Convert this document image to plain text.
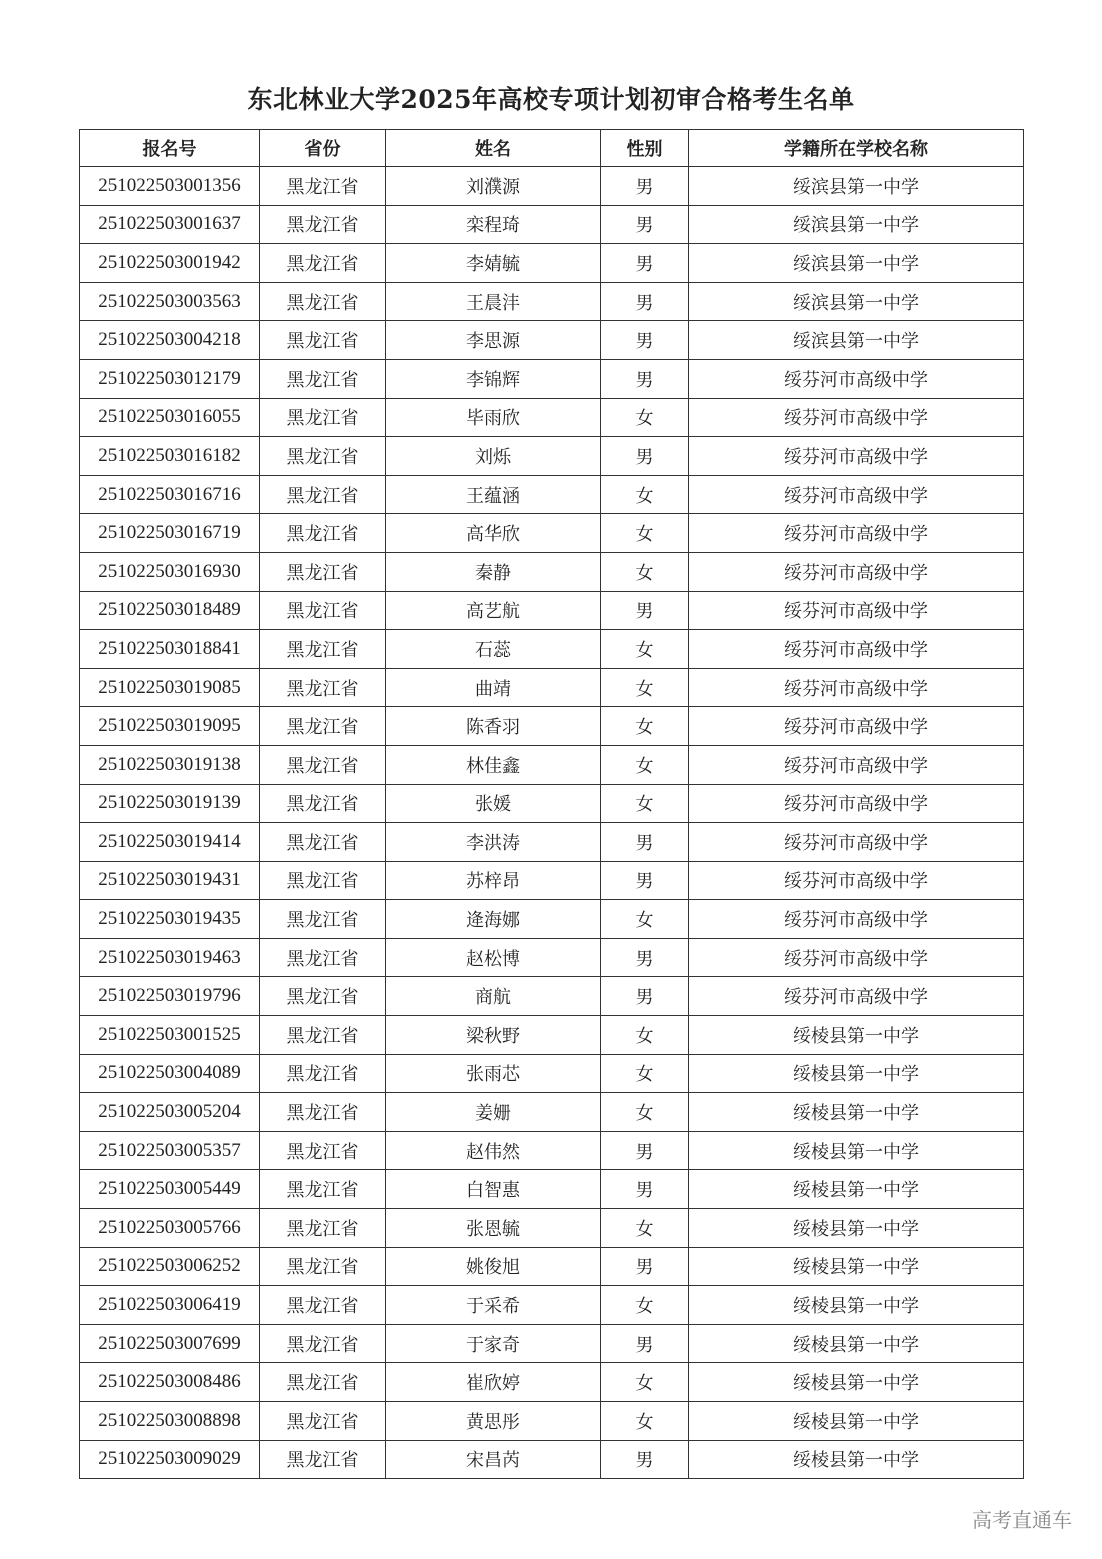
东北林业大学2025年高校专项计划初审合格考生名单
报名号	省份	姓名	性别	学籍所在学校名称
251022503001356	黑龙江省	刘濮源	男	绥滨县第一中学
251022503001637	黑龙江省	栾程琦	男	绥滨县第一中学
251022503001942	黑龙江省	李婧毓	男	绥滨县第一中学
251022503003563	黑龙江省	王晨沣	男	绥滨县第一中学
251022503004218	黑龙江省	李思源	男	绥滨县第一中学
251022503012179	黑龙江省	李锦辉	男	绥芬河市高级中学
251022503016055	黑龙江省	毕雨欣	女	绥芬河市高级中学
251022503016182	黑龙江省	刘烁	男	绥芬河市高级中学
251022503016716	黑龙江省	王蕴涵	女	绥芬河市高级中学
251022503016719	黑龙江省	高华欣	女	绥芬河市高级中学
251022503016930	黑龙江省	秦静	女	绥芬河市高级中学
251022503018489	黑龙江省	高艺航	男	绥芬河市高级中学
251022503018841	黑龙江省	石蕊	女	绥芬河市高级中学
251022503019085	黑龙江省	曲靖	女	绥芬河市高级中学
251022503019095	黑龙江省	陈香羽	女	绥芬河市高级中学
251022503019138	黑龙江省	林佳鑫	女	绥芬河市高级中学
251022503019139	黑龙江省	张媛	女	绥芬河市高级中学
251022503019414	黑龙江省	李洪涛	男	绥芬河市高级中学
251022503019431	黑龙江省	苏梓昂	男	绥芬河市高级中学
251022503019435	黑龙江省	逄海娜	女	绥芬河市高级中学
251022503019463	黑龙江省	赵松博	男	绥芬河市高级中学
251022503019796	黑龙江省	商航	男	绥芬河市高级中学
251022503001525	黑龙江省	梁秋野	女	绥棱县第一中学
251022503004089	黑龙江省	张雨芯	女	绥棱县第一中学
251022503005204	黑龙江省	姜姗	女	绥棱县第一中学
251022503005357	黑龙江省	赵伟然	男	绥棱县第一中学
251022503005449	黑龙江省	白智惠	男	绥棱县第一中学
251022503005766	黑龙江省	张恩毓	女	绥棱县第一中学
251022503006252	黑龙江省	姚俊旭	男	绥棱县第一中学
251022503006419	黑龙江省	于采希	女	绥棱县第一中学
251022503007699	黑龙江省	于家奇	男	绥棱县第一中学
251022503008486	黑龙江省	崔欣婷	女	绥棱县第一中学
251022503008898	黑龙江省	黄思彤	女	绥棱县第一中学
251022503009029	黑龙江省	宋昌芮	男	绥棱县第一中学
高考直通车
